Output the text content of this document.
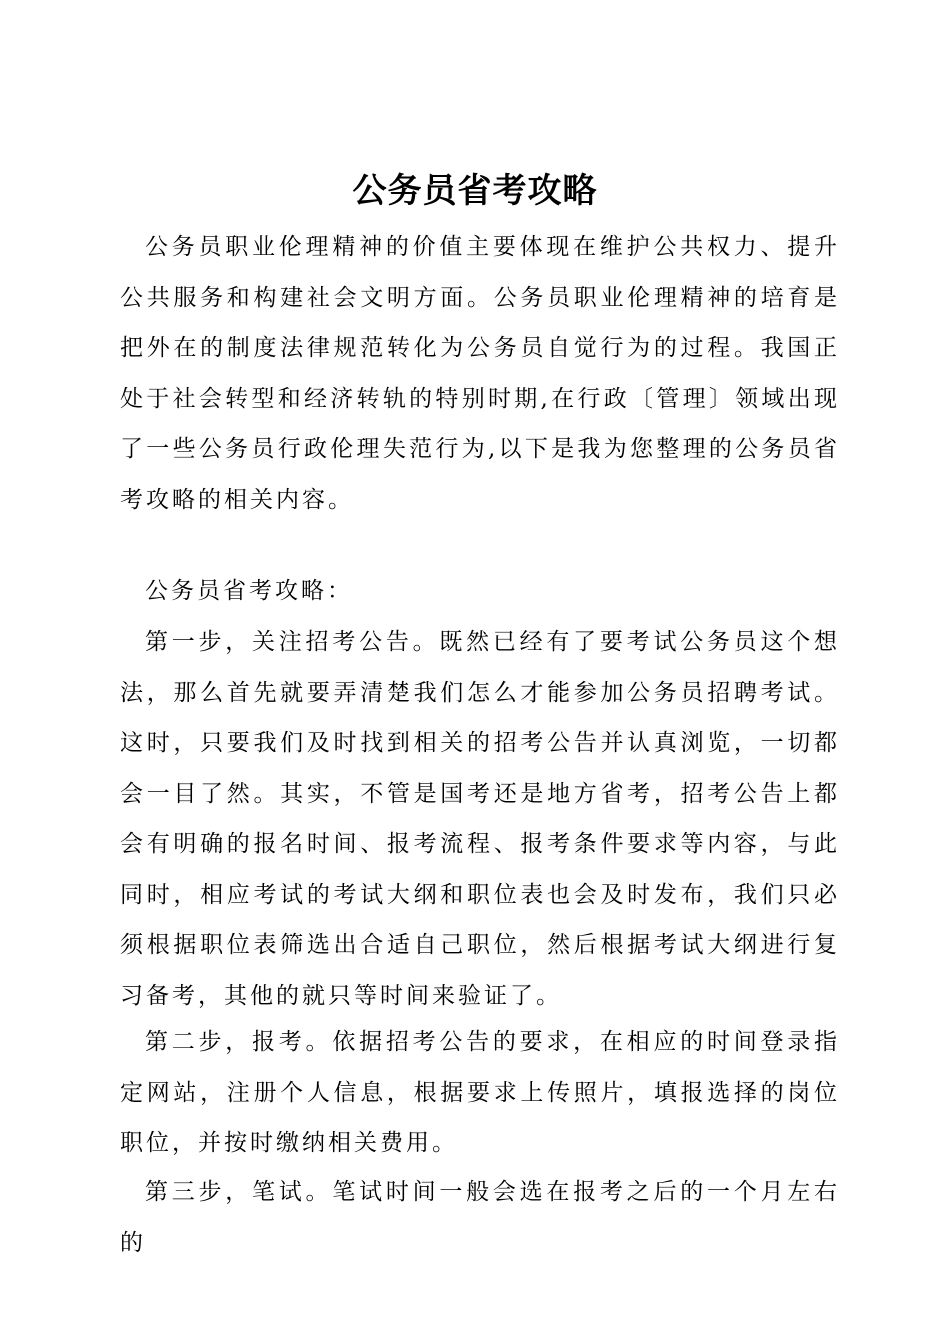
公务员省考攻略

公务员职业伦理精神的价值主要体现在维护公共权力、提升公共服务和构建社会文明方面。公务员职业伦理精神的培育是把外在的制度法律规范转化为公务员自觉行为的过程。我国正处于社会转型和经济转轨的特别时期,在行政〔管理〕领域出现了一些公务员行政伦理失范行为,以下是我为您整理的公务员省考攻略的相关内容。

公务员省考攻略：

第一步，关注招考公告。既然已经有了要考试公务员这个想法，那么首先就要弄清楚我们怎么才能参加公务员招聘考试。这时，只要我们及时找到相关的招考公告并认真浏览，一切都会一目了然。其实，不管是国考还是地方省考，招考公告上都会有明确的报名时间、报考流程、报考条件要求等内容，与此同时，相应考试的考试大纲和职位表也会及时发布，我们只必须根据职位表筛选出合适自己职位，然后根据考试大纲进行复习备考，其他的就只等时间来验证了。

第二步，报考。依据招考公告的要求，在相应的时间登录指定网站，注册个人信息，根据要求上传照片，填报选择的岗位职位，并按时缴纳相关费用。

第三步，笔试。笔试时间一般会选在报考之后的一个月左右的
